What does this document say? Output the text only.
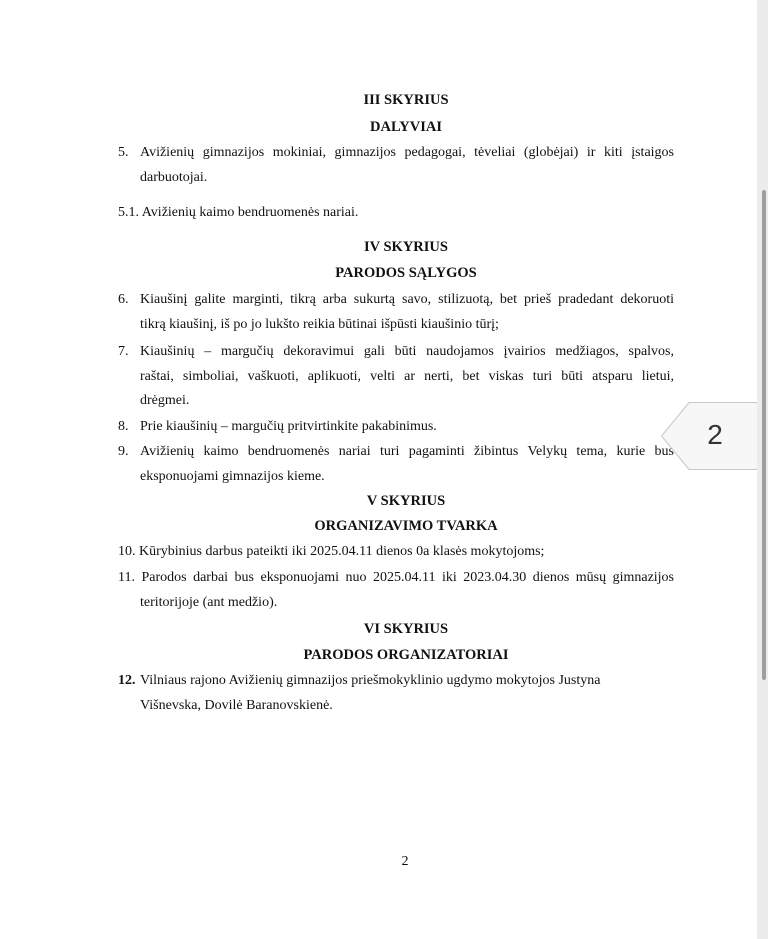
III SKYRIUS
DALYVIAI
5. Avižienių gimnazijos mokiniai, gimnazijos pedagogai, tėveliai (globėjai) ir kiti įstaigos
darbuotojai.
5.1. Avižienių kaimo bendruomenės nariai.
IV SKYRIUS
PARODOS SĄLYGOS
6. Kiaušinį galite marginti, tikrą arba sukurtą savo, stilizuotą, bet prieš pradedant dekoruoti
tikrą kiaušinį, iš po jo lukšto reikia būtinai išpūsti kiaušinio tūrį;
7. Kiaušinių – margučių dekoravimui gali būti naudojamos įvairios medžiagos, spalvos,
raštai, simboliai, vaškuoti, aplikuoti, velti ar nerti, bet viskas turi būti atsparu lietui,
drėgmei.
8. Prie kiaušinių – margučių pritvirtinkite pakabinimus.
9. Avižienių kaimo bendruomenės nariai turi pagaminti žibintus Velykų tema, kurie bus
eksponuojami gimnazijos kieme.
V SKYRIUS
ORGANIZAVIMO TVARKA
10. Kūrybinius darbus pateikti iki 2025.04.11 dienos 0a klasės mokytojoms;
11. Parodos darbai bus eksponuojami nuo 2025.04.11 iki 2023.04.30 dienos mūsų gimnazijos
teritorijoje (ant medžio).
VI SKYRIUS
PARODOS ORGANIZATORIAI
12. Vilniaus rajono Avižienių gimnazijos priešmokyklinio ugdymo mokytojos Justyna
Višnevska, Dovilė Baranovskienė.
2
2
